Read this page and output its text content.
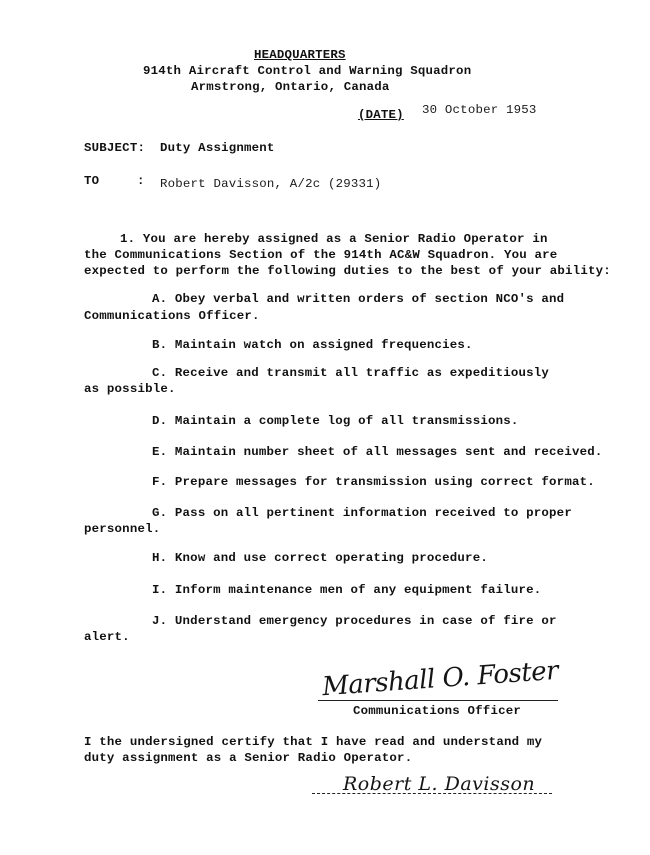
HEADQUARTERS
914th Aircraft Control and Warning Squadron
Armstrong, Ontario, Canada
(DATE) 30 October 1953
SUBJECT: Duty Assignment
TO	: Robert Davisson, A/2c (29331)
1. You are hereby assigned as a Senior Radio Operator in
the Communications Section of the 914th AC&W Squadron. You are
expected to perform the following duties to the best of your ability:
A. Obey verbal and written orders of section NCO's and
Communications Officer.
B. Maintain watch on assigned frequencies.
C. Receive and transmit all traffic as expeditiously
as possible.
D. Maintain a complete log of all transmissions.
E. Maintain number sheet of all messages sent and received.
F. Prepare messages for transmission using correct format.
G. Pass on all pertinent information received to proper
personnel.
H. Know and use correct operating procedure.
I. Inform maintenance men of any equipment failure.
J. Understand emergency procedures in case of fire or
alert.
Marshall O. Foster
Communications Officer
I the undersigned certify that I have read and understand my
duty assignment as a Senior Radio Operator.
Robert L. Davisson
